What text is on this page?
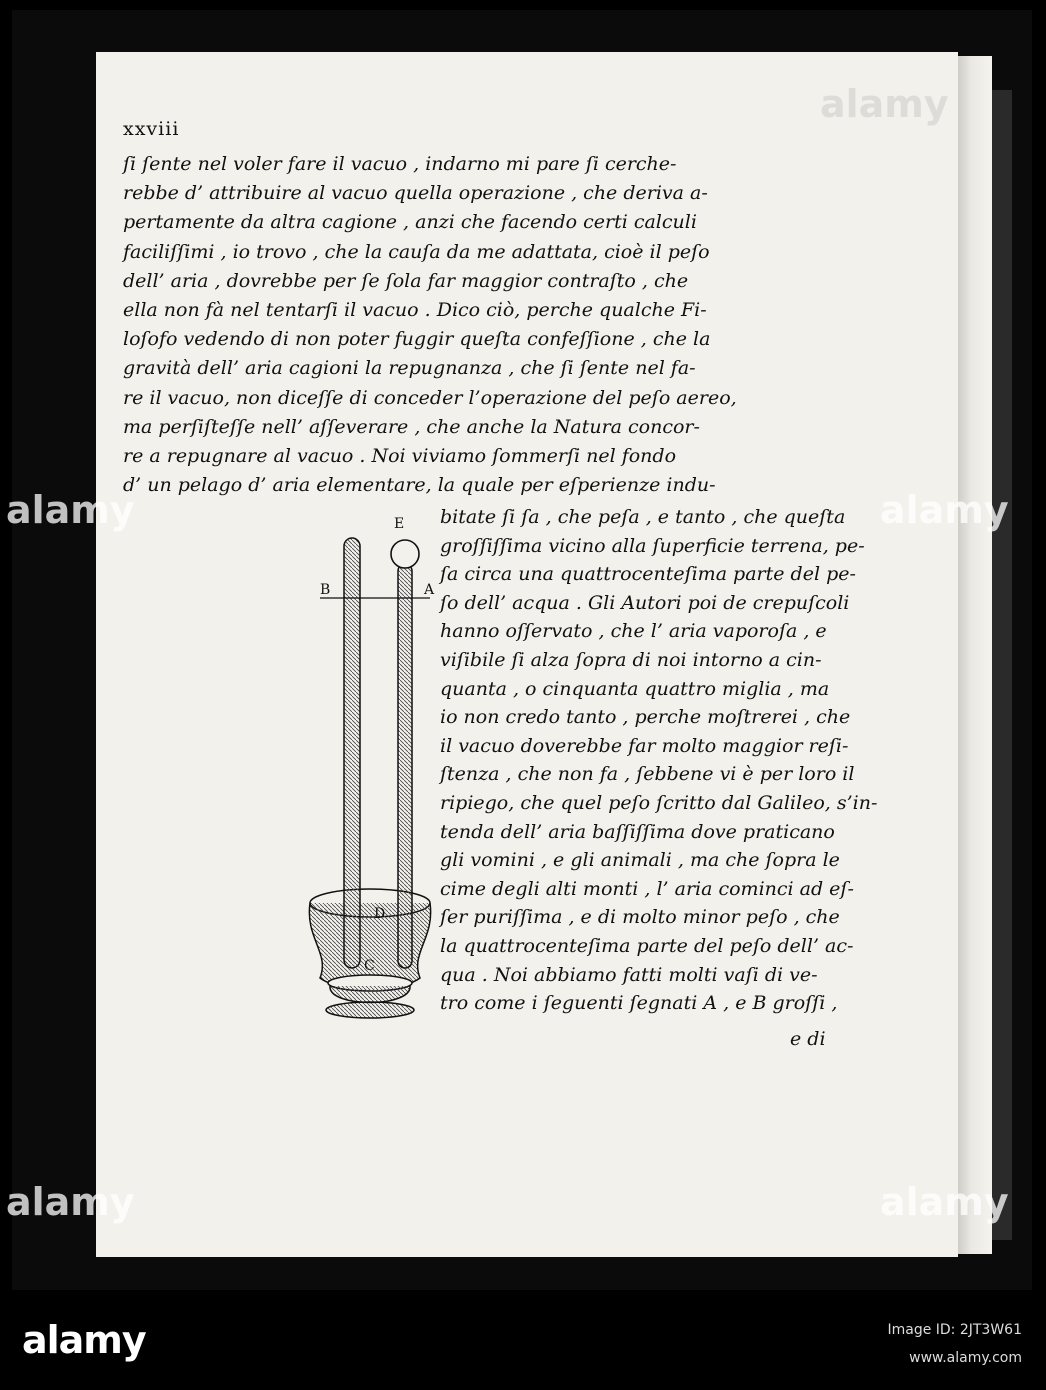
xxviii
ſi ſente nel voler fare il vacuo , indarno mi pare ſi cerche-
rebbe d’ attribuire al vacuo quella operazione , che deriva a-
pertamente da altra cagione , anzi che facendo certi calculi
faciliſſimi , io trovo , che la cauſa da me adattata, cioè il peſo
dell’ aria , dovrebbe per ſe ſola far maggior contraſto , che
ella non fà nel tentarſi il vacuo . Dico ciò, perche qualche Fi-
loſofo vedendo di non poter fuggir queſta confeſſione , che la
gravità dell’ aria cagioni la repugnanza , che ſi ſente nel fa-
re il vacuo, non diceſſe di conceder l’operazione del peſo aereo,
ma perſiſteſſe nell’ aſſeverare , che anche la Natura concor-
re a repugnare al vacuo . Noi viviamo ſommerſi nel fondo
d’ un pelago d’ aria elementare, la quale per eſperienze indu-
bitate ſi ſa , che peſa , e tanto , che queſta
groſſiſſima vicino alla ſuperficie terrena, pe-
ſa circa una quattrocenteſima parte del pe-
ſo dell’ acqua . Gli Autori poi de crepuſcoli
hanno oſſervato , che l’ aria vaporoſa , e
viſibile ſi alza ſopra di noi intorno a cin-
quanta , o cinquanta quattro miglia , ma
io non credo tanto , perche moſtrerei , che
il vacuo doverebbe far molto maggior reſi-
ſtenza , che non fa , ſebbene vi è per loro il
ripiego, che quel peſo ſcritto dal Galileo, s’in-
tenda dell’ aria baſſiſſima dove praticano
gli vomini , e gli animali , ma che ſopra le
cime degli alti monti , l’ aria cominci ad eſ-
ſer puriſſima , e di molto minor peſo , che
la quattrocenteſima parte del peſo dell’ ac-
qua . Noi abbiamo fatti molti vaſi di ve-
tro come i ſeguenti ſegnati A , e B groſſi ,
e di
E
B	A
D
C
alamy
alamy	alamy
alamy	alamy
alamy	Image ID: 2JT3W61
www.alamy.com
